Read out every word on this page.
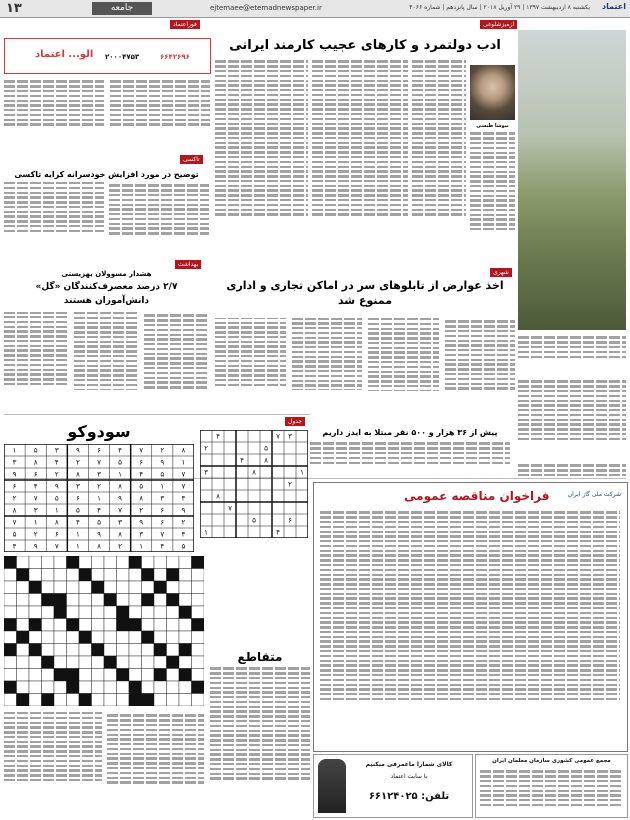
۱۳	جامعه	ejtemaee@etemadnewspaper.ir	یکشنبه ۸ اردیبهشت ۱۳۹۷ | ۲۹ آوریل ۲۰۱۸ | سال پانزدهم | شماره ۴۰۶۶ اعتماد
ازمیزشلوغی
ادب دولتمرد و کارهای عجیب کارمند ایرانی
نیوشا طبسی
شهری
اخذ عوارض از تابلوهای سر در اماکن تجاری و اداری ممنوع شد
پیش از ۳۶ هزار و ۵۰۰ نفر مبتلا به ایدز داریم
فوراعتماد
الو... اعتماد ۲۰۰۰۴۷۵۳	۶۶۴۲۶۹۶
تاکسی
توضیح در مورد افزایش خودسرانه کرایه تاکسی
بهداشت
هشدار مسوولان بهزیستی
۲/۷ درصد معصرف‌کنندگان «گل»
دانش‌آموزان هستند
جدول
۴	۷ ۳
۲	۵
۴	۸
۳	۸	۱
۲
۸
۷
۵	۶
۱	۴
سودوکو
۱ ۵ ۳ ۹ ۶ ۴ ۷ ۲ ۸
۳ ۸ ۴ ۲ ۷ ۵ ۶ ۹ ۱
۹ ۶ ۲ ۸ ۳ ۱ ۴ ۵ ۷
۶ ۴ ۹ ۳ ۲ ۸ ۵ ۱ ۷
۲ ۷ ۵ ۶ ۱ ۹ ۸ ۳ ۴
۸ ۳ ۱ ۵ ۴ ۷ ۲ ۶ ۹
۷ ۱ ۸ ۴ ۵ ۳ ۹ ۶ ۲
۵ ۲ ۶ ۱ ۹ ۸ ۳ ۷ ۴
۴ ۹ ۷ ۱ ۸ ۲ ۱ ۴ ۵
متقاطع
فراخوان مناقصه عمومی	شرکت ملی گاز ایران
کالای شمارا ماعمرفی میکنیم
با سایت اعتماد
تلفن: ۶۶۱۲۴۰۲۵
مجمع عمومی کشوری سازمان معلمان ایران
